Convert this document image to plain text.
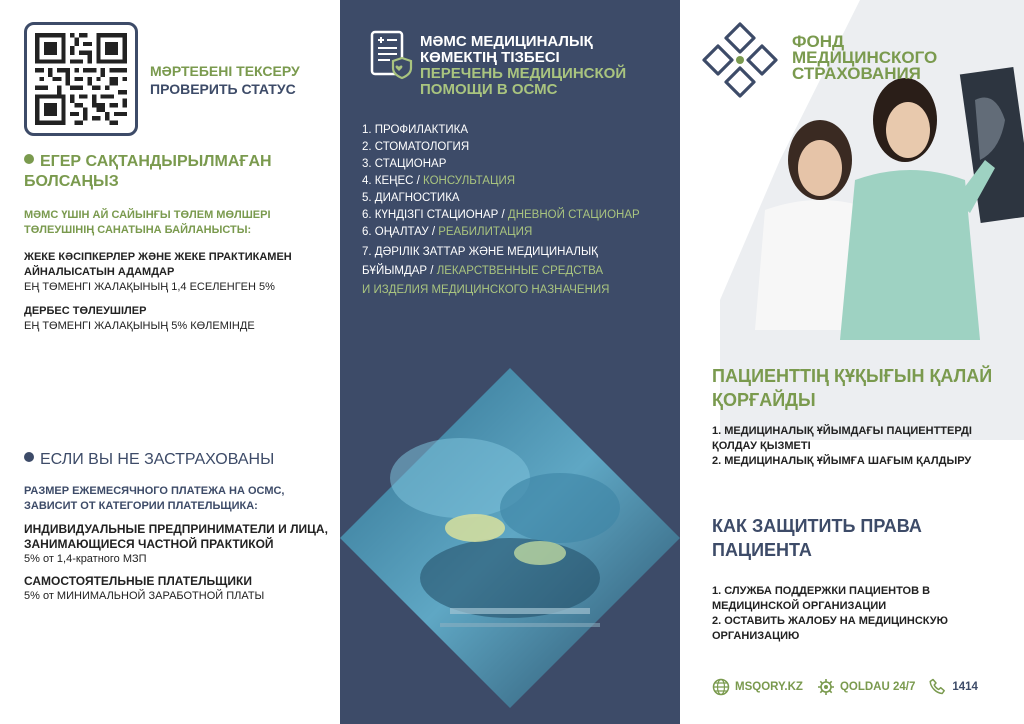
МӘРТЕБЕНІ ТЕКСЕРУ
ПРОВЕРИТЬ СТАТУС
ЕГЕР САҚТАНДЫРЫЛМАҒАН БОЛСАҢЫЗ
МӘМС ҮШІН АЙ САЙЫНҒЫ ТӨЛЕМ МӨЛШЕРІ ТӨЛЕУШІНІҢ САНАТЫНА БАЙЛАНЫСТЫ:
ЖЕКЕ КӘСІПКЕРЛЕР ЖӘНЕ ЖЕКЕ ПРАКТИКАМЕН АЙНАЛЫСАТЫН АДАМДАР
ЕҢ ТӨМЕНГІ ЖАЛАҚЫНЫҢ 1,4 ЕСЕЛЕНГЕН 5%
ДЕРБЕС ТӨЛЕУШІЛЕР
ЕҢ ТӨМЕНГІ ЖАЛАҚЫНЫҢ 5% КӨЛЕМІНДЕ
ЕСЛИ ВЫ НЕ ЗАСТРАХОВАНЫ
РАЗМЕР ЕЖЕМЕСЯЧНОГО ПЛАТЕЖА НА ОСМС, ЗАВИСИТ ОТ КАТЕГОРИИ ПЛАТЕЛЬЩИКА:
ИНДИВИДУАЛЬНЫЕ ПРЕДПРИНИМАТЕЛИ И ЛИЦА, ЗАНИМАЮЩИЕСЯ ЧАСТНОЙ ПРАКТИКОЙ
5% от 1,4-кратного МЗП
САМОСТОЯТЕЛЬНЫЕ ПЛАТЕЛЬЩИКИ
5% от МИНИМАЛЬНОЙ ЗАРАБОТНОЙ ПЛАТЫ
МӘМС МЕДИЦИНАЛЫҚ
КӨМЕКТІҢ ТІЗБЕСІ
ПЕРЕЧЕНЬ МЕДИЦИНСКОЙ
ПОМОЩИ В ОСМС
1. ПРОФИЛАКТИКА
2. СТОМАТОЛОГИЯ
3. СТАЦИОНАР
4. КЕҢЕС / КОНСУЛЬТАЦИЯ
5. ДИАГНОСТИКА
6. КҮНДІЗГІ СТАЦИОНАР / ДНЕВНОЙ СТАЦИОНАР
6. ОҢАЛТАУ / РЕАБИЛИТАЦИЯ
7. ДӘРІЛІК ЗАТТАР ЖӘНЕ МЕДИЦИНАЛЫҚ
БҰЙЫМДАР / ЛЕКАРСТВЕННЫЕ СРЕДСТВА
И ИЗДЕЛИЯ МЕДИЦИНСКОГО НАЗНАЧЕНИЯ
ФОНД
МЕДИЦИНСКОГО
СТРАХОВАНИЯ
ПАЦИЕНТТІҢ ҚҰҚЫҒЫН ҚАЛАЙ ҚОРҒАЙДЫ
1. МЕДИЦИНАЛЫҚ ҰЙЫМДАҒЫ ПАЦИЕНТТЕРДІ ҚОЛДАУ ҚЫЗМЕТІ
2. МЕДИЦИНАЛЫҚ ҰЙЫМҒА ШАҒЫМ ҚАЛДЫРУ
КАК ЗАЩИТИТЬ ПРАВА ПАЦИЕНТА
1. СЛУЖБА ПОДДЕРЖКИ ПАЦИЕНТОВ В МЕДИЦИНСКОЙ ОРГАНИЗАЦИИ
2. ОСТАВИТЬ ЖАЛОБУ НА МЕДИЦИНСКУЮ ОРГАНИЗАЦИЮ
MSQORY.KZ	QOLDAU 24/7	1414
